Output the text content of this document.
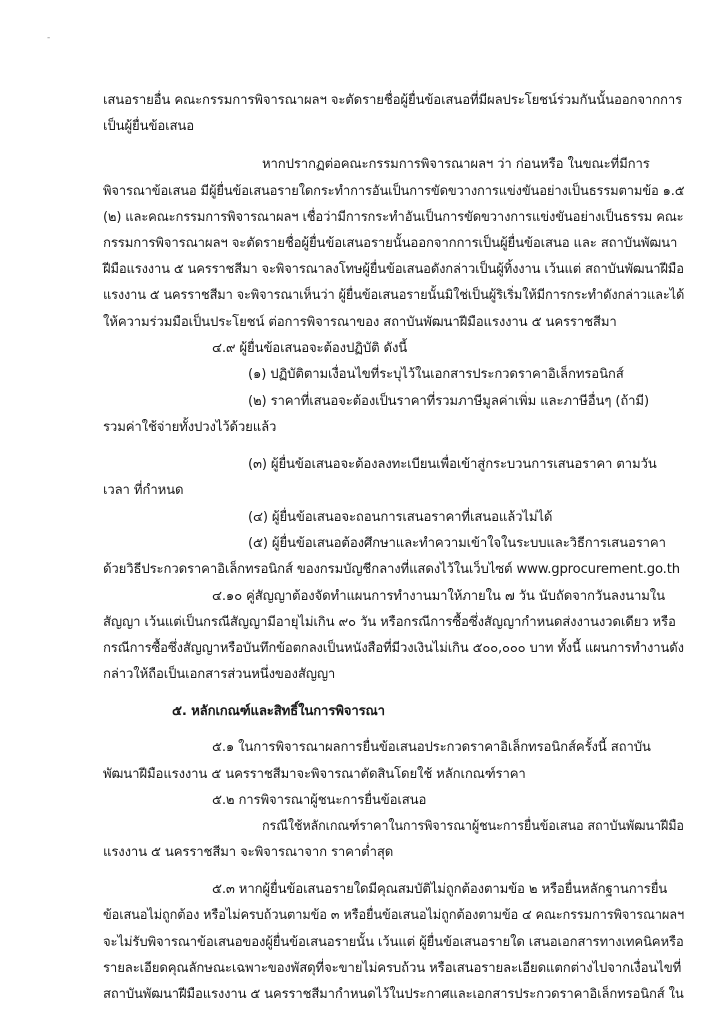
-
เสนอรายอื่น คณะกรรมการพิจารณาผลฯ จะตัดรายชื่อผู้ยื่นข้อเสนอที่มีผลประโยชน์ร่วมกันนั้นออกจากการ
เป็นผู้ยื่นข้อเสนอ
หากปรากฏต่อคณะกรรมการพิจารณาผลฯ ว่า ก่อนหรือ ในขณะที่มีการ
พิจารณาข้อเสนอ มีผู้ยื่นข้อเสนอรายใดกระทำการอันเป็นการขัดขวางการแข่งขันอย่างเป็นธรรมตามข้อ ๑.๕
(๒) และคณะกรรมการพิจารณาผลฯ เชื่อว่ามีการกระทำอันเป็นการขัดขวางการแข่งขันอย่างเป็นธรรม คณะ
กรรมการพิจารณาผลฯ จะตัดรายชื่อผู้ยื่นข้อเสนอรายนั้นออกจากการเป็นผู้ยื่นข้อเสนอ และ สถาบันพัฒนา
ฝีมือแรงงาน ๕ นครราชสีมา จะพิจารณาลงโทษผู้ยื่นข้อเสนอดังกล่าวเป็นผู้ทิ้งงาน เว้นแต่ สถาบันพัฒนาฝีมือ
แรงงาน ๕ นครราชสีมา จะพิจารณาเห็นว่า ผู้ยื่นข้อเสนอรายนั้นมิใช่เป็นผู้ริเริ่มให้มีการกระทำดังกล่าวและได้
ให้ความร่วมมือเป็นประโยชน์ ต่อการพิจารณาของ สถาบันพัฒนาฝีมือแรงงาน ๕ นครราชสีมา
๔.๙ ผู้ยื่นข้อเสนอจะต้องปฏิบัติ ดังนี้
(๑) ปฏิบัติตามเงื่อนไขที่ระบุไว้ในเอกสารประกวดราคาอิเล็กทรอนิกส์
(๒) ราคาที่เสนอจะต้องเป็นราคาที่รวมภาษีมูลค่าเพิ่ม และภาษีอื่นๆ (ถ้ามี)
รวมค่าใช้จ่ายทั้งปวงไว้ด้วยแล้ว
(๓) ผู้ยื่นข้อเสนอจะต้องลงทะเบียนเพื่อเข้าสู่กระบวนการเสนอราคา ตามวัน
เวลา ที่กำหนด
(๔) ผู้ยื่นข้อเสนอจะถอนการเสนอราคาที่เสนอแล้วไม่ได้
(๕) ผู้ยื่นข้อเสนอต้องศึกษาและทำความเข้าใจในระบบและวิธีการเสนอราคา
ด้วยวิธีประกวดราคาอิเล็กทรอนิกส์ ของกรมบัญชีกลางที่แสดงไว้ในเว็บไซต์ www.gprocurement.go.th
๔.๑๐ คู่สัญญาต้องจัดทำแผนการทำงานมาให้ภายใน ๗ วัน นับถัดจากวันลงนามใน
สัญญา เว้นแต่เป็นกรณีสัญญามีอายุไม่เกิน ๙๐ วัน หรือกรณีการซื้อซึ่งสัญญากำหนดส่งงานงวดเดียว หรือ
กรณีการซื้อซึ่งสัญญาหรือบันทึกข้อตกลงเป็นหนังสือที่มีวงเงินไม่เกิน ๕๐๐,๐๐๐ บาท ทั้งนี้ แผนการทำงานดัง
กล่าวให้ถือเป็นเอกสารส่วนหนึ่งของสัญญา
๕. หลักเกณฑ์และสิทธิ์ในการพิจารณา
๕.๑ ในการพิจารณาผลการยื่นข้อเสนอประกวดราคาอิเล็กทรอนิกส์ครั้งนี้ สถาบัน
พัฒนาฝีมือแรงงาน ๕ นครราชสีมาจะพิจารณาตัดสินโดยใช้ หลักเกณฑ์ราคา
๕.๒ การพิจารณาผู้ชนะการยื่นข้อเสนอ
กรณีใช้หลักเกณฑ์ราคาในการพิจารณาผู้ชนะการยื่นข้อเสนอ สถาบันพัฒนาฝีมือ
แรงงาน ๕ นครราชสีมา จะพิจารณาจาก ราคาต่ำสุด
๕.๓ หากผู้ยื่นข้อเสนอรายใดมีคุณสมบัติไม่ถูกต้องตามข้อ ๒ หรือยื่นหลักฐานการยื่น
ข้อเสนอไม่ถูกต้อง หรือไม่ครบถ้วนตามข้อ ๓ หรือยื่นข้อเสนอไม่ถูกต้องตามข้อ ๔ คณะกรรมการพิจารณาผลฯ
จะไม่รับพิจารณาข้อเสนอของผู้ยื่นข้อเสนอรายนั้น เว้นแต่ ผู้ยื่นข้อเสนอรายใด เสนอเอกสารทางเทคนิคหรือ
รายละเอียดคุณลักษณะเฉพาะของพัสดุที่จะขายไม่ครบถ้วน หรือเสนอรายละเอียดแตกต่างไปจากเงื่อนไขที่
สถาบันพัฒนาฝีมือแรงงาน ๕ นครราชสีมากำหนดไว้ในประกาศและเอกสารประกวดราคาอิเล็กทรอนิกส์ ใน
